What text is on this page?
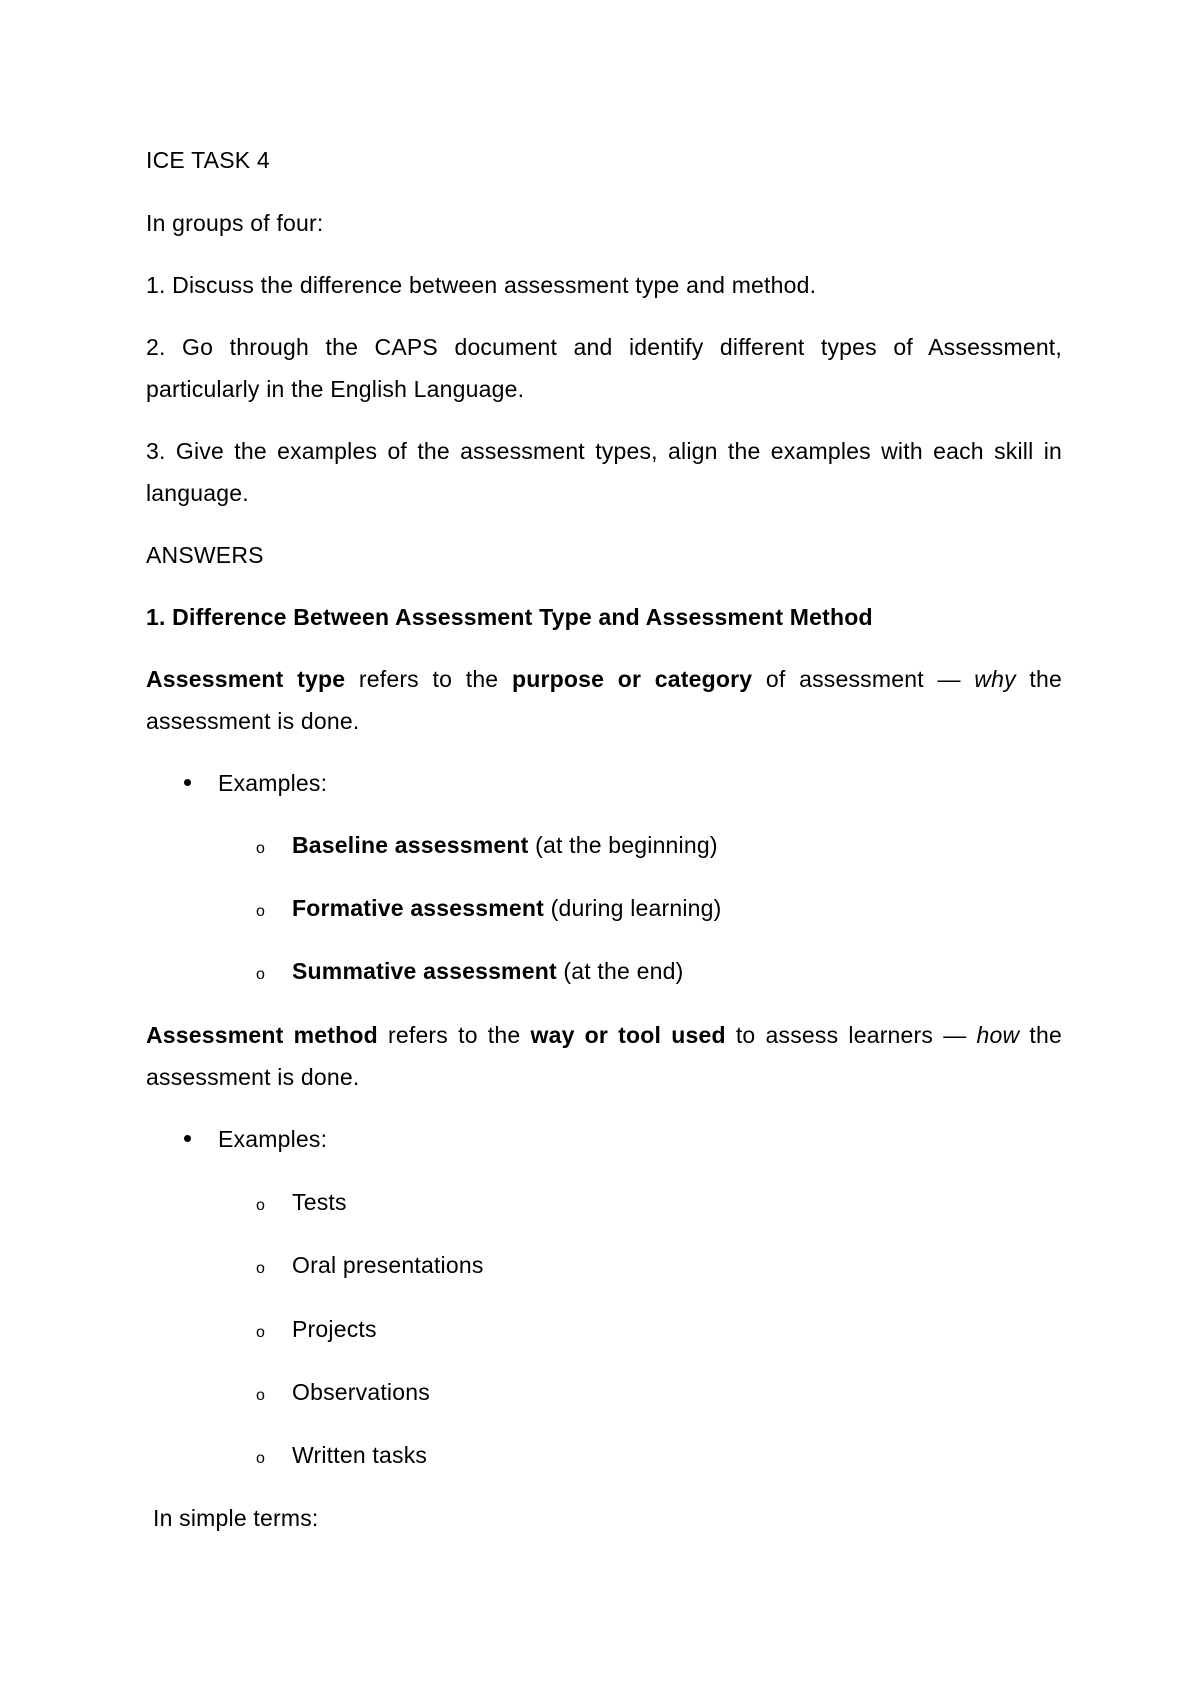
ICE TASK 4
In groups of four:
1. Discuss the difference between assessment type and method.
2. Go through the CAPS document and identify different types of Assessment, particularly in the English Language.
3. Give the examples of the assessment types, align the examples with each skill in language.
ANSWERS
1. Difference Between Assessment Type and Assessment Method
Assessment type refers to the purpose or category of assessment — why the assessment is done.
Examples:
o Baseline assessment (at the beginning)
o Formative assessment (during learning)
o Summative assessment (at the end)
Assessment method refers to the way or tool used to assess learners — how the assessment is done.
Examples:
o Tests
o Oral presentations
o Projects
o Observations
o Written tasks
In simple terms:
